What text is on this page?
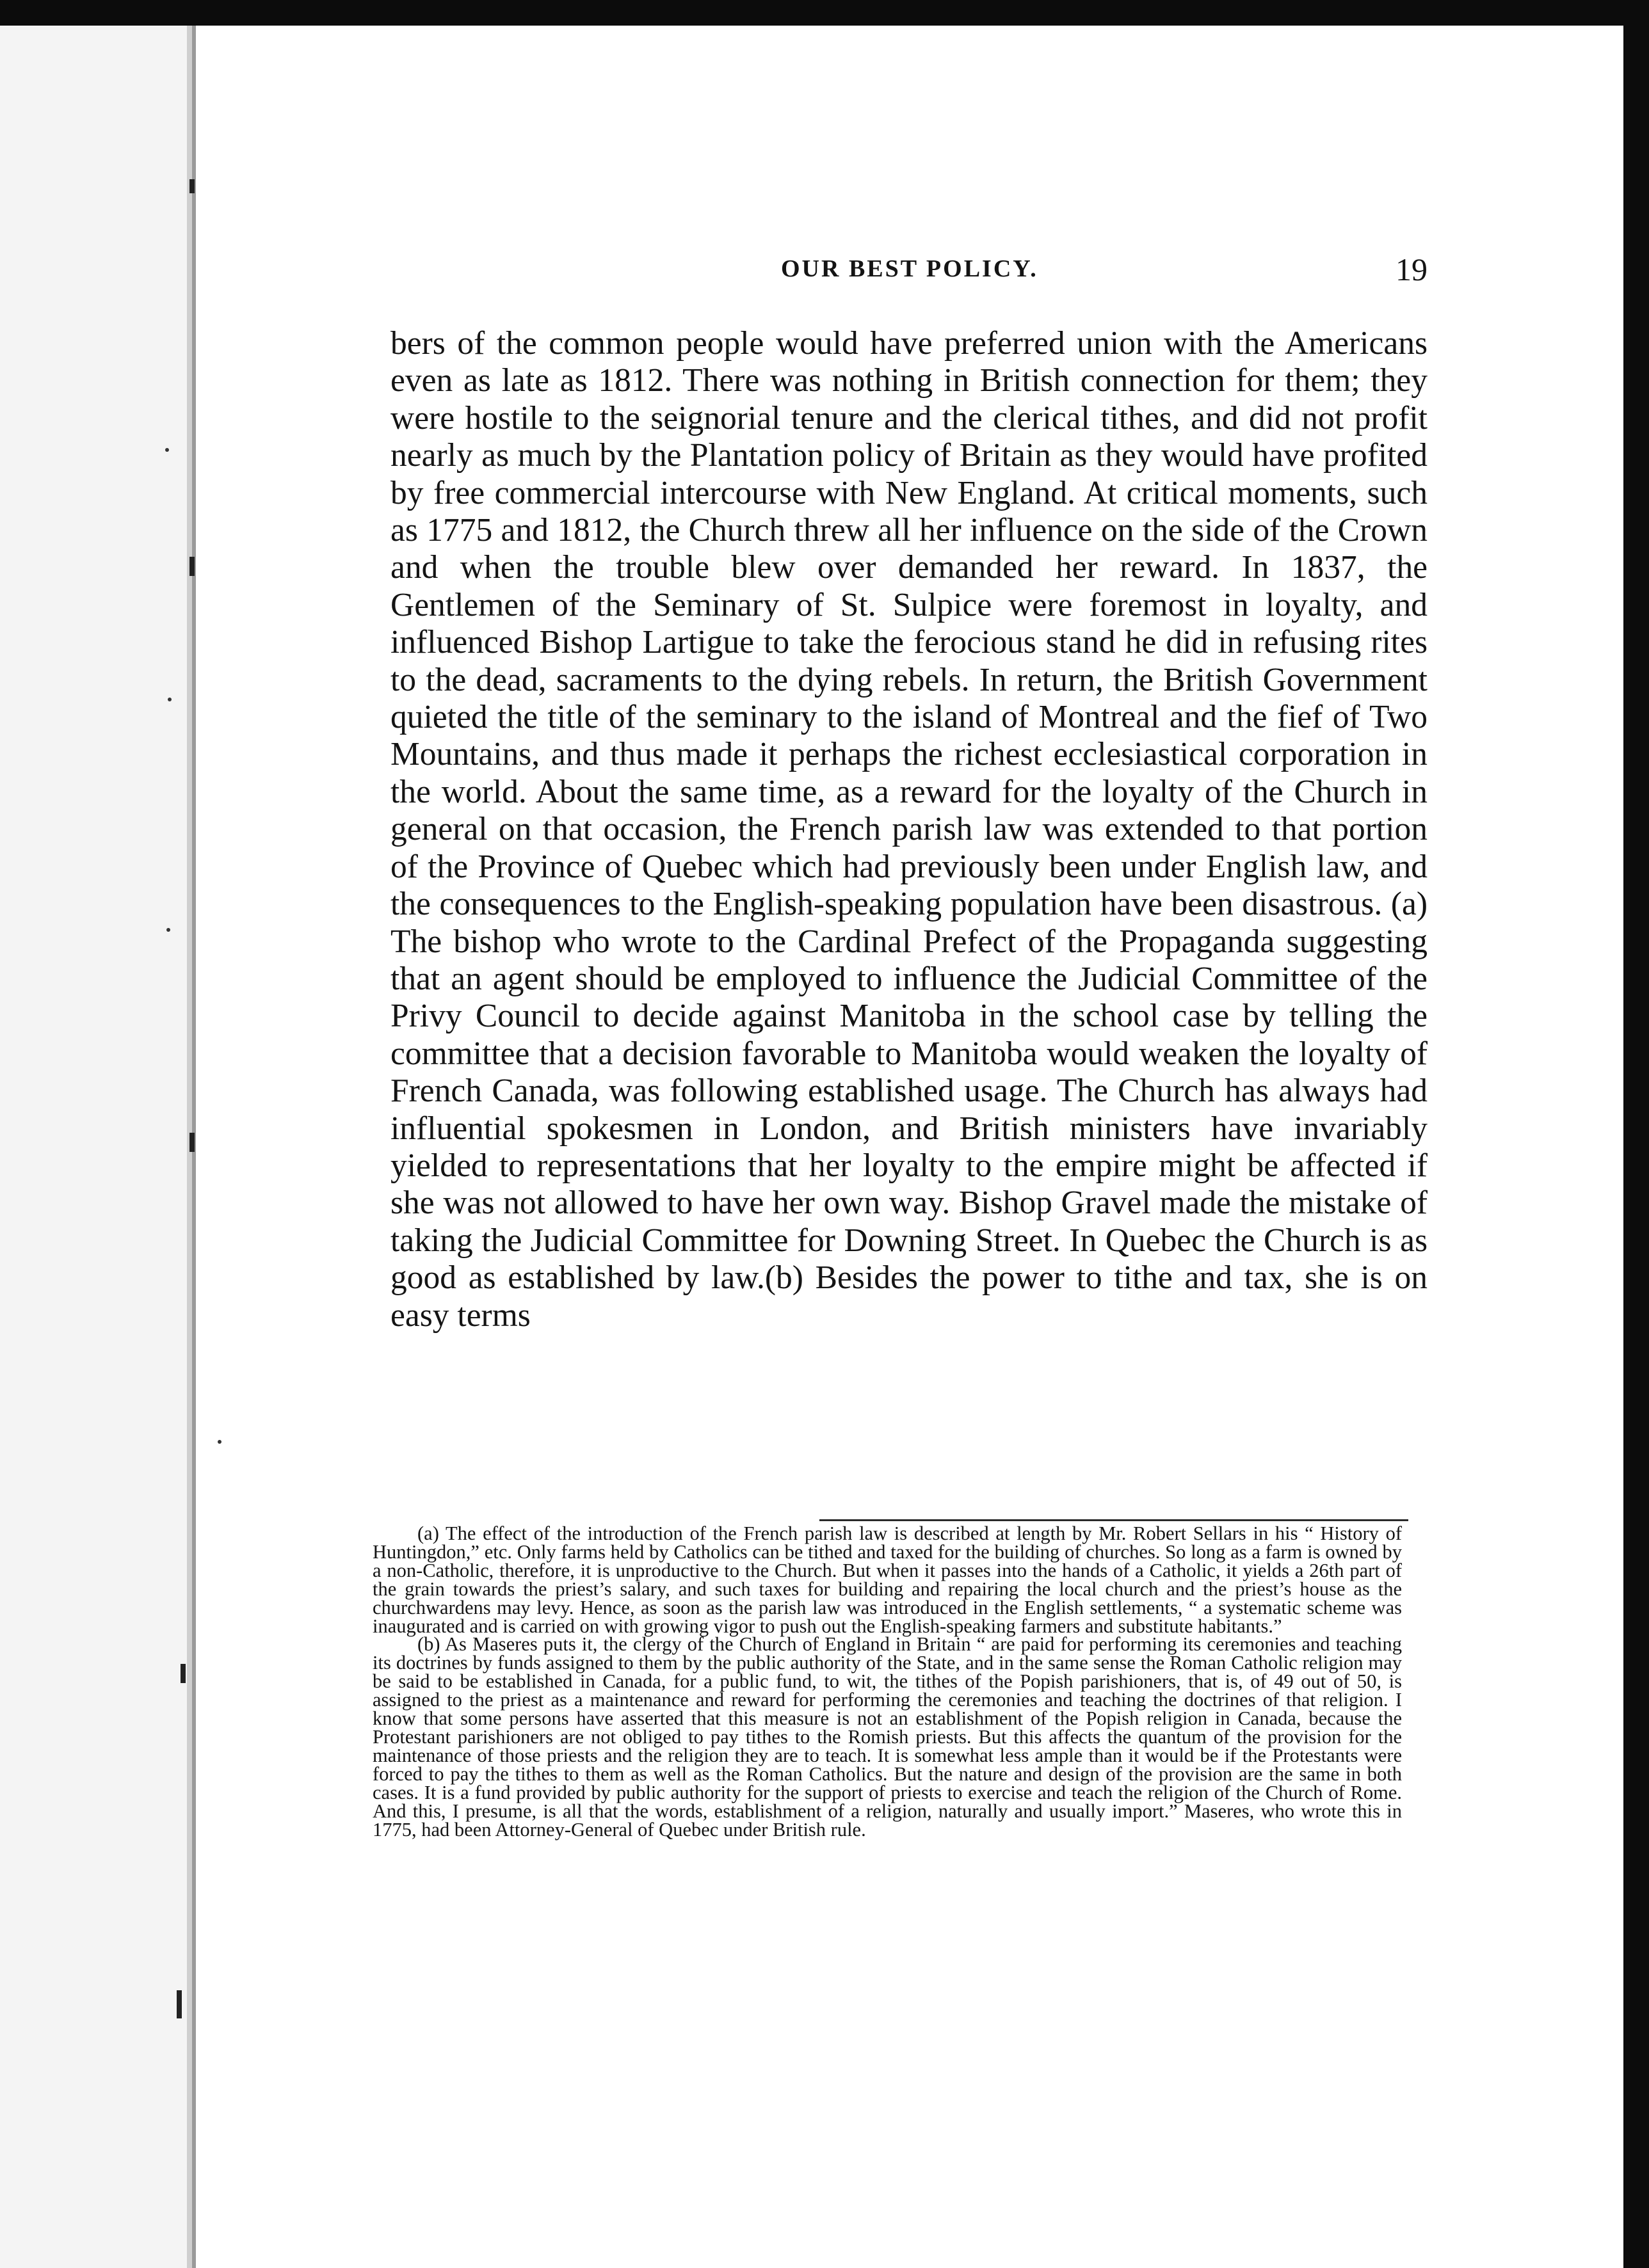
OUR BEST POLICY.	19

bers of the common people would have preferred union with the Americans even as late as 1812. There was nothing in British connection for them; they were hostile to the seignorial tenure and the clerical tithes, and did not profit nearly as much by the Plantation policy of Britain as they would have profited by free commercial intercourse with New England. At critical moments, such as 1775 and 1812, the Church threw all her influence on the side of the Crown and when the trouble blew over demanded her reward. In 1837, the Gentlemen of the Seminary of St. Sulpice were foremost in loyalty, and influenced Bishop Lartigue to take the ferocious stand he did in refusing rites to the dead, sacraments to the dying rebels. In return, the British Government quieted the title of the seminary to the island of Montreal and the fief of Two Mountains, and thus made it perhaps the richest ecclesiastical corporation in the world. About the same time, as a reward for the loyalty of the Church in general on that occasion, the French parish law was extended to that portion of the Province of Quebec which had previously been under English law, and the consequences to the English-speaking population have been disastrous. (a) The bishop who wrote to the Cardinal Prefect of the Propaganda suggesting that an agent should be employed to influence the Judicial Committee of the Privy Council to decide against Manitoba in the school case by telling the committee that a decision favorable to Manitoba would weaken the loyalty of French Canada, was following established usage. The Church has always had influential spokesmen in London, and British ministers have invariably yielded to representations that her loyalty to the empire might be affected if she was not allowed to have her own way. Bishop Gravel made the mistake of taking the Judicial Committee for Downing Street. In Quebec the Church is as good as established by law.(b) Besides the power to tithe and tax, she is on easy terms

(a) The effect of the introduction of the French parish law is described at length by Mr. Robert Sellars in his “ History of Huntingdon,” etc. Only farms held by Catholics can be tithed and taxed for the building of churches. So long as a farm is owned by a non-Catholic, therefore, it is unproductive to the Church. But when it passes into the hands of a Catholic, it yields a 26th part of the grain towards the priest’s salary, and such taxes for building and repairing the local church and the priest’s house as the churchwardens may levy. Hence, as soon as the parish law was introduced in the English settlements, “ a systematic scheme was inaugurated and is carried on with growing vigor to push out the English-speaking farmers and substitute habitants.”

(b) As Maseres puts it, the clergy of the Church of England in Britain “ are paid for performing its ceremonies and teaching its doctrines by funds assigned to them by the public authority of the State, and in the same sense the Roman Catholic religion may be said to be established in Canada, for a public fund, to wit, the tithes of the Popish parishioners, that is, of 49 out of 50, is assigned to the priest as a maintenance and reward for performing the ceremonies and teaching the doctrines of that religion. I know that some persons have asserted that this measure is not an establishment of the Popish religion in Canada, because the Protestant parishioners are not obliged to pay tithes to the Romish priests. But this affects the quantum of the provision for the maintenance of those priests and the religion they are to teach. It is somewhat less ample than it would be if the Protestants were forced to pay the tithes to them as well as the Roman Catholics. But the nature and design of the provision are the same in both cases. It is a fund provided by public authority for the support of priests to exercise and teach the religion of the Church of Rome. And this, I presume, is all that the words, establishment of a religion, naturally and usually import.” Maseres, who wrote this in 1775, had been Attorney-General of Quebec under British rule.
